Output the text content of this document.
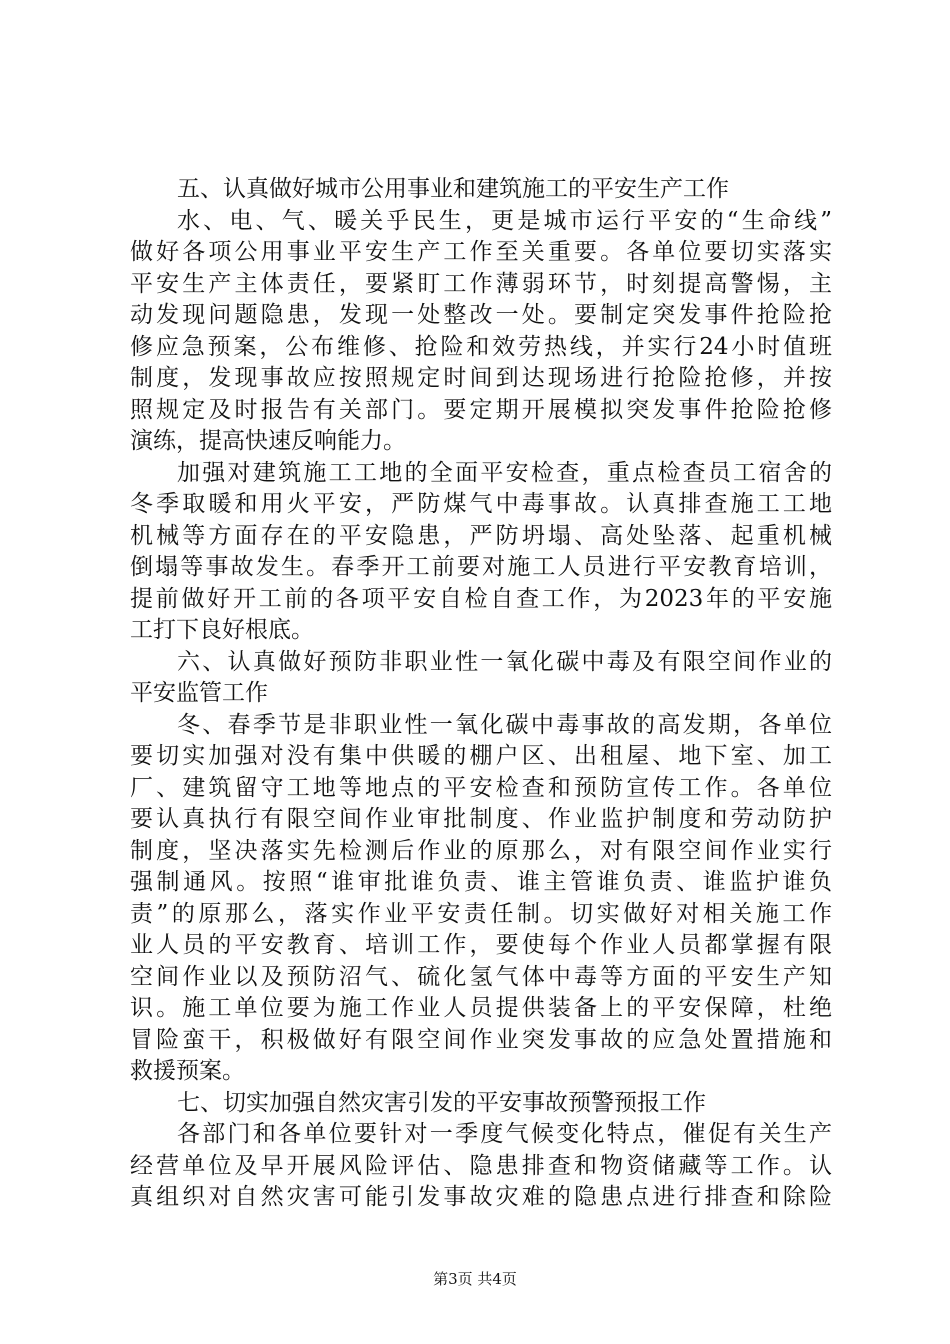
五、认真做好城市公用事业和建筑施工的平安生产工作
水、电、气、暖关乎民生，更是城市运行平安的“生命线”
做好各项公用事业平安生产工作至关重要。各单位要切实落实
平安生产主体责任，要紧盯工作薄弱环节，时刻提高警惕，主
动发现问题隐患，发现一处整改一处。要制定突发事件抢险抢
修应急预案，公布维修、抢险和效劳热线，并实行24小时值班
制度，发现事故应按照规定时间到达现场进行抢险抢修，并按
照规定及时报告有关部门。要定期开展模拟突发事件抢险抢修
演练，提高快速反响能力。
加强对建筑施工工地的全面平安检查，重点检查员工宿舍的
冬季取暖和用火平安，严防煤气中毒事故。认真排查施工工地
机械等方面存在的平安隐患，严防坍塌、高处坠落、起重机械
倒塌等事故发生。春季开工前要对施工人员进行平安教育培训，
提前做好开工前的各项平安自检自查工作，为2023年的平安施
工打下良好根底。
六、认真做好预防非职业性一氧化碳中毒及有限空间作业的
平安监管工作
冬、春季节是非职业性一氧化碳中毒事故的高发期，各单位
要切实加强对没有集中供暖的棚户区、出租屋、地下室、加工
厂、建筑留守工地等地点的平安检查和预防宣传工作。各单位
要认真执行有限空间作业审批制度、作业监护制度和劳动防护
制度，坚决落实先检测后作业的原那么，对有限空间作业实行
强制通风。按照“谁审批谁负责、谁主管谁负责、谁监护谁负
责”的原那么，落实作业平安责任制。切实做好对相关施工作
业人员的平安教育、培训工作，要使每个作业人员都掌握有限
空间作业以及预防沼气、硫化氢气体中毒等方面的平安生产知
识。施工单位要为施工作业人员提供装备上的平安保障，杜绝
冒险蛮干，积极做好有限空间作业突发事故的应急处置措施和
救援预案。
七、切实加强自然灾害引发的平安事故预警预报工作
各部门和各单位要针对一季度气候变化特点，催促有关生产
经营单位及早开展风险评估、隐患排查和物资储藏等工作。认
真组织对自然灾害可能引发事故灾难的隐患点进行排查和除险
第3页 共4页
